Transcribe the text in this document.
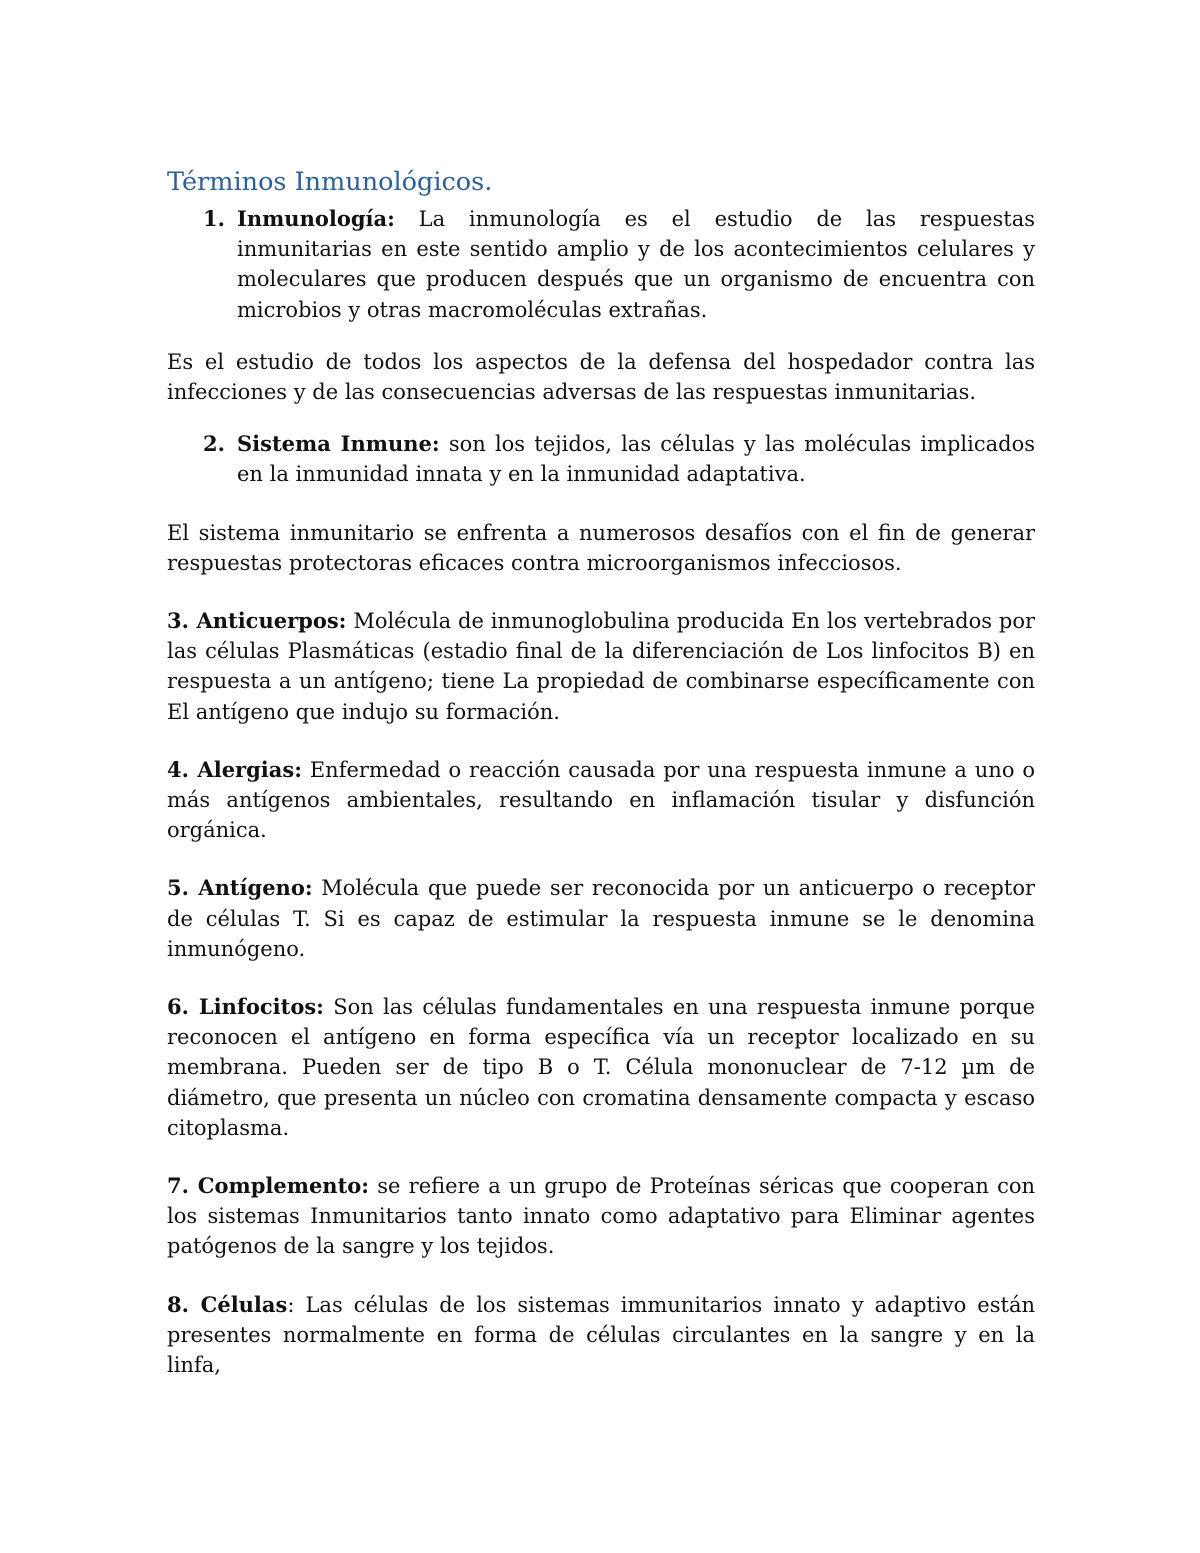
Términos Inmunológicos.

1. Inmunología: La inmunología es el estudio de las respuestas inmunitarias en este sentido amplio y de los acontecimientos celulares y moleculares que producen después que un organismo de encuentra con microbios y otras macromoléculas extrañas.

Es el estudio de todos los aspectos de la defensa del hospedador contra las infecciones y de las consecuencias adversas de las respuestas inmunitarias.

2. Sistema Inmune: son los tejidos, las células y las moléculas implicados en la inmunidad innata y en la inmunidad adaptativa.

El sistema inmunitario se enfrenta a numerosos desafíos con el fin de generar respuestas protectoras eficaces contra microorganismos infecciosos.

3. Anticuerpos: Molécula de inmunoglobulina producida En los vertebrados por las células Plasmáticas (estadio final de la diferenciación de Los linfocitos B) en respuesta a un antígeno; tiene La propiedad de combinarse específicamente con El antígeno que indujo su formación.

4. Alergias: Enfermedad o reacción causada por una respuesta inmune a uno o más antígenos ambientales, resultando en inflamación tisular y disfunción orgánica.

5. Antígeno: Molécula que puede ser reconocida por un anticuerpo o receptor de células T. Si es capaz de estimular la respuesta inmune se le denomina inmunógeno.

6. Linfocitos: Son las células fundamentales en una respuesta inmune porque reconocen el antígeno en forma específica vía un receptor localizado en su membrana. Pueden ser de tipo B o T. Célula mononuclear de 7-12 µm de diámetro, que presenta un núcleo con cromatina densamente compacta y escaso citoplasma.

7. Complemento: se refiere a un grupo de Proteínas séricas que cooperan con los sistemas Inmunitarios tanto innato como adaptativo para Eliminar agentes patógenos de la sangre y los tejidos.

8. Células: Las células de los sistemas immunitarios innato y adaptivo están presentes normalmente en forma de células circulantes en la sangre y en la linfa,
